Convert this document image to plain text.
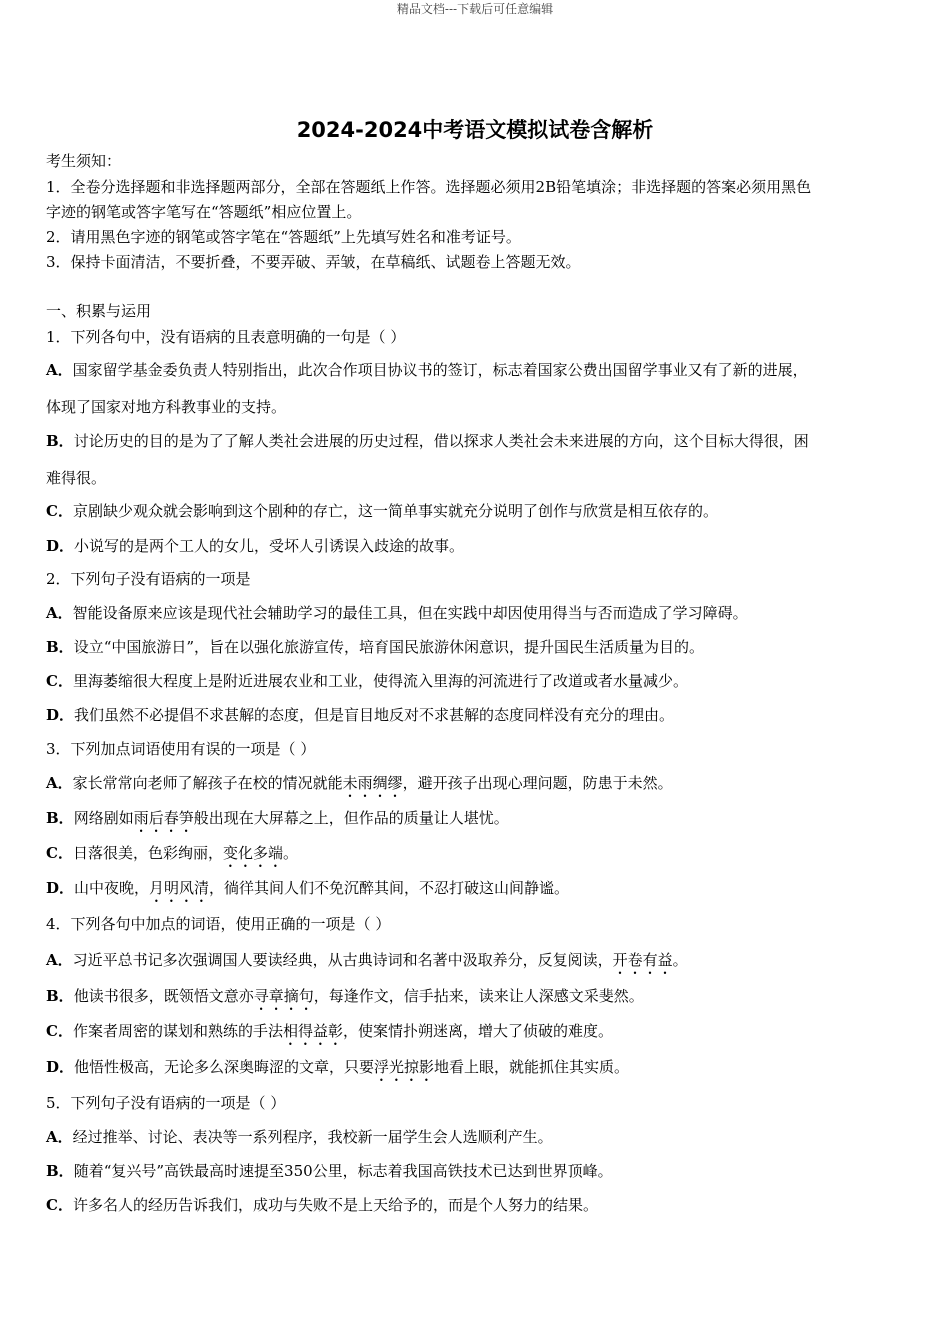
精品文档---下载后可任意编辑
2024-2024中考语文模拟试卷含解析
考生须知：
1．全卷分选择题和非选择题两部分，全部在答题纸上作答。选择题必须用2B铅笔填涂；非选择题的答案必须用黑色
字迹的钢笔或答字笔写在“答题纸”相应位置上。
2．请用黑色字迹的钢笔或答字笔在“答题纸”上先填写姓名和准考证号。
3．保持卡面清洁，不要折叠，不要弄破、弄皱，在草稿纸、试题卷上答题无效。
一、积累与运用
1．下列各句中，没有语病的且表意明确的一句是（ ）
A．国家留学基金委负责人特别指出，此次合作项目协议书的签订，标志着国家公费出国留学事业又有了新的进展，
体现了国家对地方科教事业的支持。
B．讨论历史的目的是为了了解人类社会进展的历史过程，借以探求人类社会未来进展的方向，这个目标大得很，困
难得很。
C．京剧缺少观众就会影响到这个剧种的存亡，这一简单事实就充分说明了创作与欣赏是相互依存的。
D．小说写的是两个工人的女儿，受坏人引诱误入歧途的故事。
2．下列句子没有语病的一项是
A．智能设备原来应该是现代社会辅助学习的最佳工具，但在实践中却因使用得当与否而造成了学习障碍。
B．设立“中国旅游日”，旨在以强化旅游宣传，培育国民旅游休闲意识，提升国民生活质量为目的。
C．里海萎缩很大程度上是附近进展农业和工业，使得流入里海的河流进行了改道或者水量减少。
D．我们虽然不必提倡不求甚解的态度，但是盲目地反对不求甚解的态度同样没有充分的理由。
3．下列加点词语使用有误的一项是（ ）
A．家长常常向老师了解孩子在校的情况就能未雨绸缪，避开孩子出现心理问题，防患于未然。
B．网络剧如雨后春笋般出现在大屏幕之上，但作品的质量让人堪忧。
C．日落很美，色彩绚丽，变化多端。
D．山中夜晚，月明风清，徜徉其间人们不免沉醉其间，不忍打破这山间静谧。
4．下列各句中加点的词语，使用正确的一项是（ ）
A．习近平总书记多次强调国人要读经典，从古典诗词和名著中汲取养分，反复阅读，开卷有益。
B．他读书很多，既领悟文意亦寻章摘句，每逢作文，信手拈来，读来让人深感文采斐然。
C．作案者周密的谋划和熟练的手法相得益彰，使案情扑朔迷离，增大了侦破的难度。
D．他悟性极高，无论多么深奥晦涩的文章，只要浮光掠影地看上眼，就能抓住其实质。
5．下列句子没有语病的一项是（ ）
A．经过推举、讨论、表决等一系列程序，我校新一届学生会人选顺利产生。
B．随着“复兴号”高铁最高时速提至350公里，标志着我国高铁技术已达到世界顶峰。
C．许多名人的经历告诉我们，成功与失败不是上天给予的，而是个人努力的结果。
